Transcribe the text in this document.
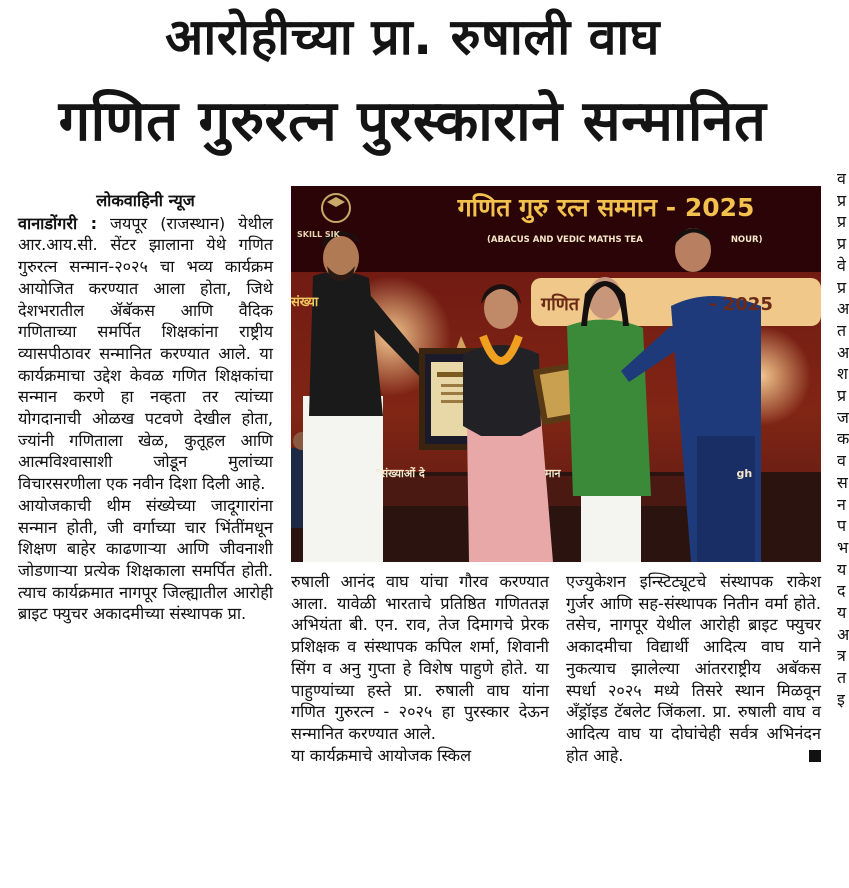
आरोहीच्या प्रा. रुषाली वाघ
गणित गुरुरत्न पुरस्काराने सन्मानित

लोकवाहिनी न्यूज

वानाडोंगरी : जयपूर (राजस्थान) येथील आर.आय.सी. सेंटर झालाना येथे गणित गुरुरत्न सन्मान-२०२५ चा भव्य कार्यक्रम आयोजित करण्यात आला होता, जिथे देशभरातील ॲबॅकस आणि वैदिक गणिताच्या समर्पित शिक्षकांना राष्ट्रीय व्यासपीठावर सन्मानित करण्यात आले. या कार्यक्रमाचा उद्देश केवळ गणित शिक्षकांचा सन्मान करणे हा नव्हता तर त्यांच्या योगदानाची ओळख पटवणे देखील होता, ज्यांनी गणिताला खेळ, कुतूहल आणि आत्मविश्वासाशी जोडून मुलांच्या विचारसरणीला एक नवीन दिशा दिली आहे.

आयोजकाची थीम संख्येच्या जादूगारांना सन्मान होती, जी वर्गाच्या चार भिंतींमधून शिक्षण बाहेर काढणाऱ्या आणि जीवनाशी जोडणाऱ्या प्रत्येक शिक्षकाला समर्पित होती. त्याच कार्यक्रमात नागपूर जिल्ह्यातील आरोही ब्राइट फ्युचर अकादमीच्या संस्थापक प्रा.

गणित गुरु रत्न सम्मान - 2025
(ABACUS AND VEDIC MATHS TEA	NOUR)
SKILL SIK
गणित	- 2025
संख्या
"संख्याओं दे	मान	gh

रुषाली आनंद वाघ यांचा गौरव करण्यात आला. यावेळी भारताचे प्रतिष्ठित गणिततज्ञ अभियंता बी. एन. राव, तेज दिमागचे प्रेरक प्रशिक्षक व संस्थापक कपिल शर्मा, शिवानी सिंग व अनु गुप्ता हे विशेष पाहुणे होते. या पाहुण्यांच्या हस्ते प्रा. रुषाली वाघ यांना गणित गुरुरत्न - २०२५ हा पुरस्कार देऊन सन्मानित करण्यात आले.

या कार्यक्रमाचे आयोजक स्किल

एज्युकेशन इन्स्टिट्यूटचे संस्थापक राकेश गुर्जर आणि सह-संस्थापक नितीन वर्मा होते. तसेच, नागपूर येथील आरोही ब्राइट फ्युचर अकादमीचा विद्यार्थी आदित्य वाघ याने नुकत्याच झालेल्या आंतरराष्ट्रीय अबॅकस स्पर्धा २०२५ मध्ये तिसरे स्थान मिळवून अँड्रॉइड टॅबलेट जिंकला. प्रा. रुषाली वाघ व आदित्य वाघ या दोघांचेही सर्वत्र अभिनंदन होत आहे.

व
प्र
प्र
प्र
वे
प्र
अ
त
अ
श
प्र
ज
क
व
स
न
प
भ
य
द
य
अ
त्र
त
इ
